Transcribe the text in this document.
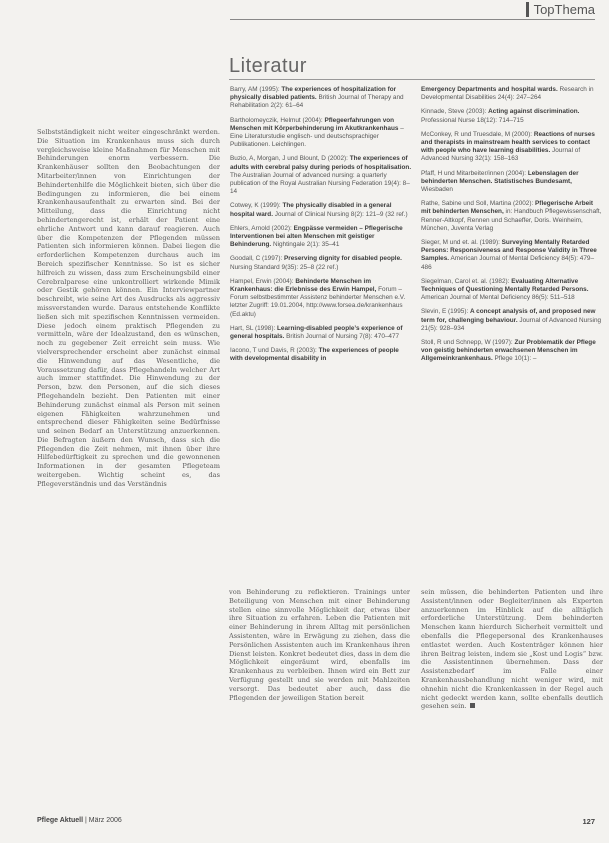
TopThema
Literatur

Barry, AM (1995): The experiences of hospitalization for physically disabled patients. British Journal of Therapy and Rehabilitation 2(2): 61–64

Bartholomeyczik, Helmut (2004): Pflegeerfahrungen von Menschen mit Körperbehinderung im Akutkrankenhaus – Eine Literaturstudie englisch- und deutschsprachiger Publikationen. Leichlingen.

Buzio, A, Morgan, J und Blount, D (2002): The experiences of adults with cerebral palsy during periods of hospitalisation. The Australian Journal of advanced nursing: a quarterly publication of the Royal Australian Nursing Federation 19(4): 8–14

Cotwey, K (1999): The physically disabled in a general hospital ward. Journal of Clinical Nursing 8(2): 121–9 (32 ref.)

Ehlers, Arnold (2002): Engpässe vermeiden – Pflegerische Interventionen bei alten Menschen mit geistiger Behinderung. Nightingale 2(1): 35–41

Goodall, C (1997): Preserving dignity for disabled people. Nursing Standard 9(35): 25–8 (22 ref.)

Hampel, Erwin (2004): Behinderte Menschen im Krankenhaus: die Erlebnisse des Erwin Hampel, Forum – Forum selbstbestimmter Assistenz behinderter Menschen e.V. letzter Zugriff: 19.01.2004, http://www.forsea.de/krankenhaus (Ed.aktu)

Hart, SL (1998): Learning-disabled people’s experience of general hospitals. British Journal of Nursing 7(8): 470–477

Iacono, T und Davis, R (2003): The experiences of people with developmental disability in

Emergency Departments and hospital wards. Research in Developmental Disabilities 24(4): 247–264

Kinnade, Steve (2003): Acting against discrimination. Professional Nurse 18(12): 714–715

McConkey, R und Truesdale, M (2000): Reactions of nurses and therapists in mainstream health services to contact with people who have learning disabilities. Journal of Advanced Nursing 32(1): 158–163

Pfaff, H und Mitarbeiter/innen (2004): Lebenslagen der behinderten Menschen. Statistisches Bundesamt, Wiesbaden

Rathe, Sabine und Soll, Martina (2002): Pflegerische Arbeit mit behinderten Menschen, in: Handbuch Pflegewissenschaft, Renner-Altkopf, Rennen und Schaeffer, Doris. Weinheim, München, Juventa Verlag

Sieger, M und et. al. (1989): Surveying Mentally Retarded Persons: Responsiveness and Response Validity in Three Samples. American Journal of Mental Deficiency 84(5): 479–486

Siegelman, Carol et. al. (1982): Evaluating Alternative Techniques of Questioning Mentally Retarded Persons. American Journal of Mental Deficiency 86(5): 511–518

Slevin, E (1995): A concept analysis of, and proposed new term for, challenging behaviour. Journal of Advanced Nursing 21(5): 928–934

Stoll, R und Schnepp, W (1997): Zur Problematik der Pflege von geistig behinderten erwachsenen Menschen im Allgemeinkrankenhaus. Pflege 10(1): –

Selbstständigkeit nicht weiter eingeschränkt werden. Die Situation im Krankenhaus muss sich durch vergleichsweise kleine Maßnahmen für Menschen mit Behinderungen enorm verbessern. Die Krankenhäuser sollten den Beobachtungen der Mitarbeiter/innen von Einrichtungen der Behindertenhilfe die Möglichkeit bieten, sich über die Bedingungen zu informieren, die bei einem Krankenhausaufenthalt zu erwarten sind. Bei der Mitteilung, dass die Einrichtung nicht behindertengerecht ist, erhält der Patient eine ehrliche Antwort und kann darauf reagieren. Auch über die Kompetenzen der Pflegenden müssen Patienten sich informieren können. Dabei liegen die erforderlichen Kompetenzen durchaus auch im Bereich spezifischer Kenntnisse. So ist es sicher hilfreich zu wissen, dass zum Erscheinungsbild einer Cerebralparese eine unkontrolliert wirkende Mimik oder Gestik gehören können. Ein Interviewpartner beschreibt, wie seine Art des Ausdrucks als aggressiv missverstanden wurde. Daraus entstehende Konflikte ließen sich mit spezifischen Kenntnissen vermeiden. Diese jedoch einem praktisch Pflegenden zu vermitteln, wäre der Idealzustand, den es wünschen, noch zu gegebener Zeit erreicht sein muss. Wie vielversprechender erscheint aber zunächst einmal die Hinwendung auf das Wesentliche, die Voraussetzung dafür, dass Pflegehandeln welcher Art auch immer stattfindet. Die Hinwendung zu der Person, bzw. den Personen, auf die sich dieses Pflegehandeln bezieht. Den Patienten mit einer Behinderung zunächst einmal als Person mit seinen eigenen Fähigkeiten wahrzunehmen und entsprechend dieser Fähigkeiten seine Bedürfnisse und seinen Bedarf an Unterstützung anzuerkennen. Die Befragten äußern den Wunsch, dass sich die Pflegenden die Zeit nehmen, mit ihnen über ihre Hilfebedürftigkeit zu sprechen und die gewonnenen Informationen in der gesamten Pflegeteam weitergeben. Wichtig scheint es, das Pflegeverständnis und das Verständnis

von Behinderung zu reflektieren. Trainings unter Beteiligung von Menschen mit einer Behinderung stellen eine sinnvolle Möglichkeit dar, etwas über ihre Situation zu erfahren. Leben die Patienten mit einer Behinderung in ihrem Alltag mit persönlichen Assistenten, wäre in Erwägung zu ziehen, dass die Persönlichen Assistenten auch im Krankenhaus ihren Dienst leisten. Konkret bedeutet dies, dass in dem die Möglichkeit eingeräumt wird, ebenfalls im Krankenhaus zu verbleiben. Ihnen wird ein Bett zur Verfügung gestellt und sie werden mit Mahlzeiten versorgt. Das bedeutet aber auch, dass die Pflegenden der jeweiligen Station bereit

sein müssen, die behinderten Patienten und ihre Assistent/innen oder Begleiter/innen als Experten anzuerkennen im Hinblick auf die alltäglich erforderliche Unterstützung. Dem behinderten Menschen kann hierdurch Sicherheit vermittelt und ebenfalls die Pflegepersonal des Krankenhauses entlastet werden. Auch Kostenträger können hier ihren Beitrag leisten, indem sie „Kost und Logis“ bzw. die Assistentinnen übernehmen. Dass der Assistenzbedarf im Falle einer Krankenhausbehandlung nicht weniger wird, mit ohnehin nicht die Krankenkassen in der Regel auch nicht gedeckt werden kann, sollte ebenfalls deutlich gesehen sein.

Pflege Aktuell | März 2006	127
